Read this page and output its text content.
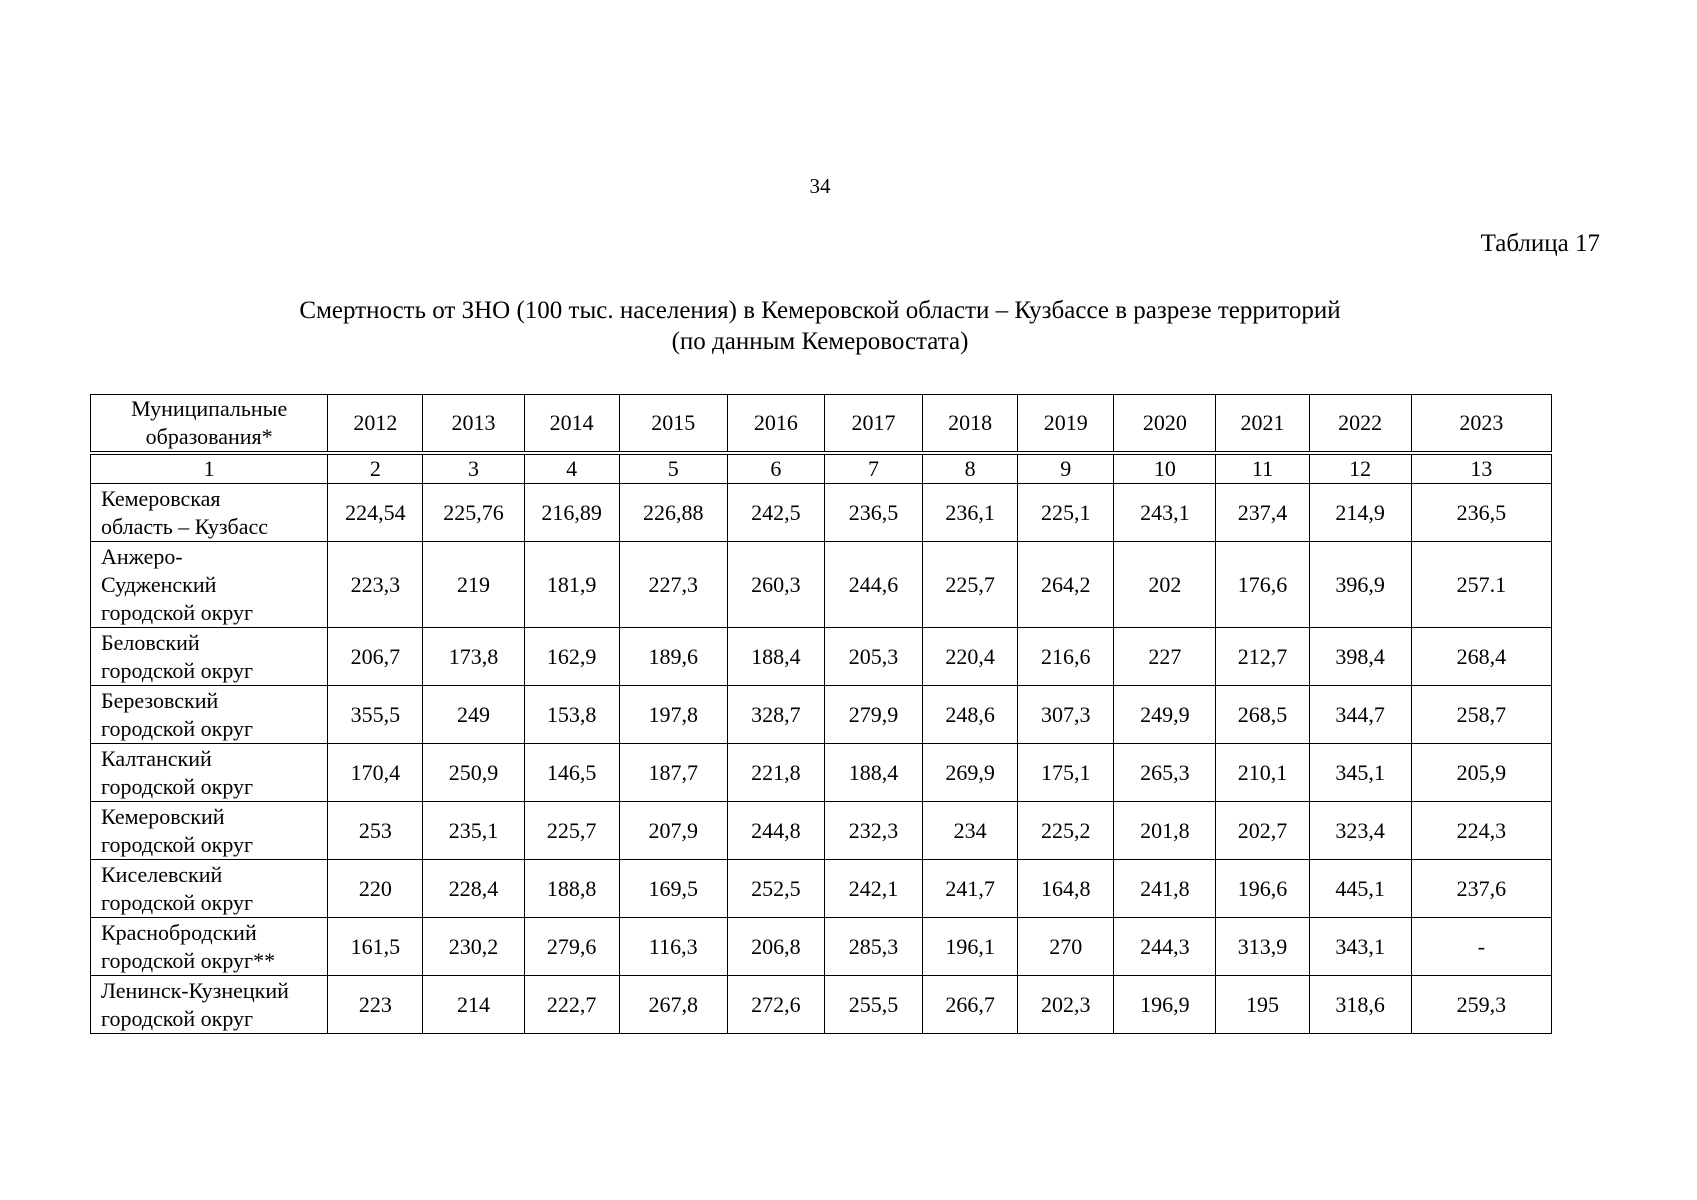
34
Таблица 17
Смертность от ЗНО (100 тыс. населения) в Кемеровской области – Кузбассе в разрезе территорий
(по данным Кемеровостата)
Муниципальные
образования*	2012	2013	2014	2015	2016	2017	2018	2019	2020	2021	2022	2023
1	2	3	4	5	6	7	8	9	10	11	12	13

Кемеровская
область – Кузбасс	224,54	225,76	216,89	226,88	242,5	236,5	236,1	225,1	243,1	237,4	214,9	236,5

Анжеро-
Судженский
городской округ	223,3	219	181,9	227,3	260,3	244,6	225,7	264,2	202	176,6	396,9	257.1

Беловский
городской округ	206,7	173,8	162,9	189,6	188,4	205,3	220,4	216,6	227	212,7	398,4	268,4

Березовский
городской округ	355,5	249	153,8	197,8	328,7	279,9	248,6	307,3	249,9	268,5	344,7	258,7

Калтанский
городской округ	170,4	250,9	146,5	187,7	221,8	188,4	269,9	175,1	265,3	210,1	345,1	205,9

Кемеровский
городской округ	253	235,1	225,7	207,9	244,8	232,3	234	225,2	201,8	202,7	323,4	224,3

Киселевский
городской округ	220	228,4	188,8	169,5	252,5	242,1	241,7	164,8	241,8	196,6	445,1	237,6

Краснобродский
городской округ**	161,5	230,2	279,6	116,3	206,8	285,3	196,1	270	244,3	313,9	343,1	-

Ленинск-Кузнецкий
городской округ	223	214	222,7	267,8	272,6	255,5	266,7	202,3	196,9	195	318,6	259,3
